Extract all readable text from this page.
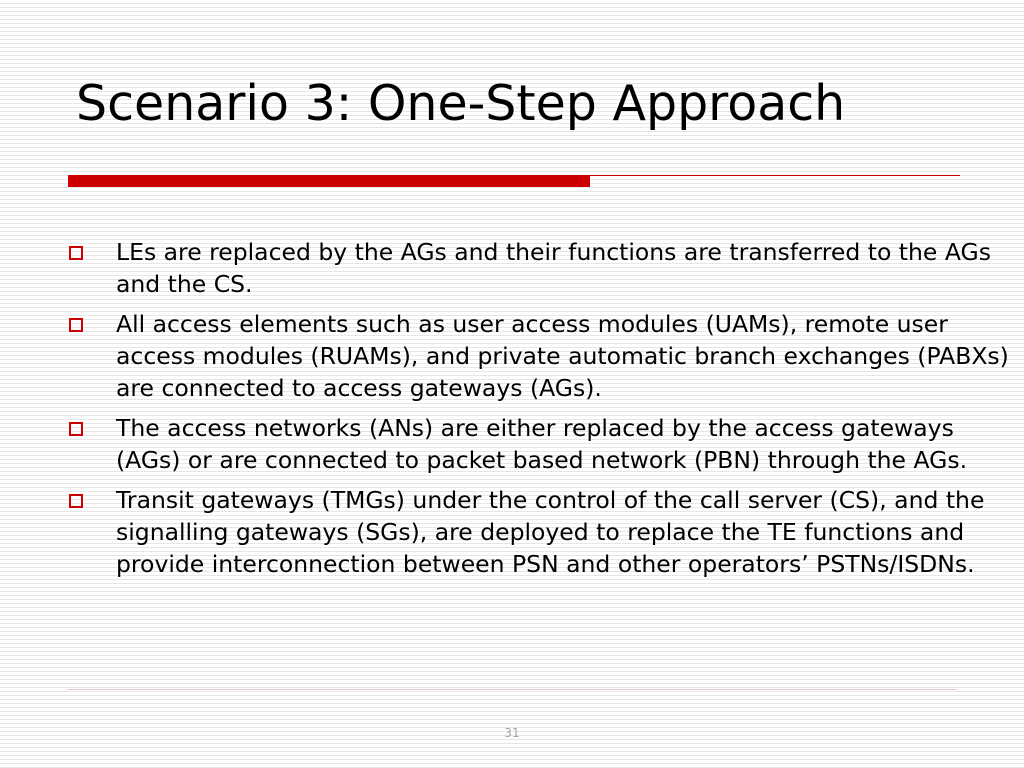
Scenario 3: One-Step Approach
LEs are replaced by the AGs and their functions are transferred to the AGs and the CS.
All access elements such as user access modules (UAMs), remote user access modules (RUAMs), and private automatic branch exchanges (PABXs) are connected to access gateways (AGs).
The access networks (ANs) are either replaced by the access gateways (AGs) or are connected to packet based network (PBN) through the AGs.
Transit gateways (TMGs) under the control of the call server (CS), and the signalling gateways (SGs), are deployed to replace the TE functions and provide interconnection between PSN and other operators’ PSTNs/ISDNs.
31
